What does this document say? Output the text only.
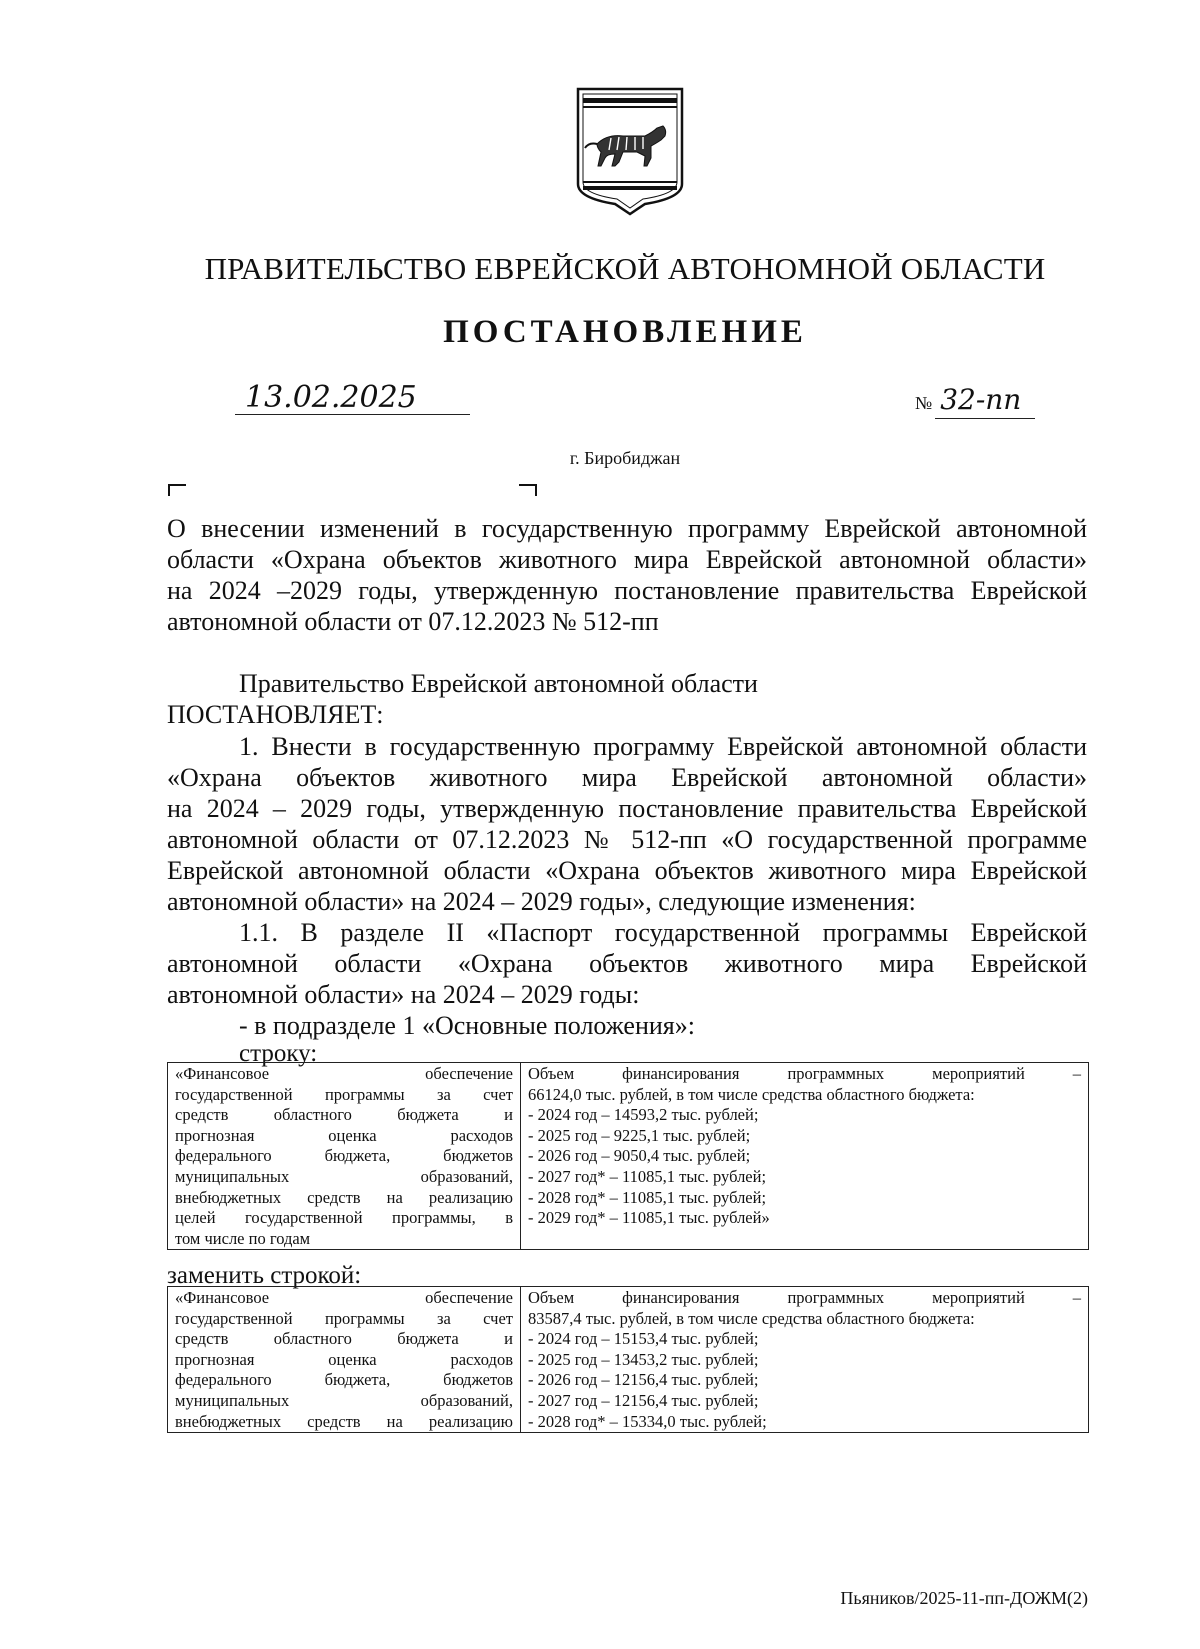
ПРАВИТЕЛЬСТВО ЕВРЕЙСКОЙ АВТОНОМНОЙ ОБЛАСТИ
ПОСТАНОВЛЕНИЕ
13.02.2025	№ 32-пп
г. Биробиджан
О внесении изменений в государственную программу Еврейской автономной
области «Охрана объектов животного мира Еврейской автономной области»
на 2024 –2029 годы, утвержденную постановление правительства Еврейской
автономной области от 07.12.2023 № 512-пп
Правительство Еврейской автономной области
ПОСТАНОВЛЯЕТ:
1. Внести в государственную программу Еврейской автономной области
«Охрана объектов животного мира Еврейской автономной области»
на 2024 – 2029 годы, утвержденную постановление правительства Еврейской
автономной области от 07.12.2023 № 512-пп «О государственной программе
Еврейской автономной области «Охрана объектов животного мира Еврейской
автономной области» на 2024 – 2029 годы», следующие изменения:
1.1. В разделе II «Паспорт государственной программы Еврейской
автономной области «Охрана объектов животного мира Еврейской
автономной области» на 2024 – 2029 годы:
- в подразделе 1 «Основные положения»:
строку:
«Финансовое обеспечение
государственной программы за счет
средств областного бюджета и
прогнозная оценка расходов
федерального бюджета, бюджетов
муниципальных образований,
внебюджетных средств на реализацию
целей государственной программы, в
том числе по годам

Объем финансирования программных мероприятий –
66124,0 тыс. рублей, в том числе средства областного бюджета:
- 2024 год – 14593,2 тыс. рублей;
- 2025 год – 9225,1 тыс. рублей;
- 2026 год – 9050,4 тыс. рублей;
- 2027 год* – 11085,1 тыс. рублей;
- 2028 год* – 11085,1 тыс. рублей;
- 2029 год* – 11085,1 тыс. рублей»
заменить строкой:
«Финансовое обеспечение
государственной программы за счет
средств областного бюджета и
прогнозная оценка расходов
федерального бюджета, бюджетов
муниципальных образований,
внебюджетных средств на реализацию

Объем финансирования программных мероприятий –
83587,4 тыс. рублей, в том числе средства областного бюджета:
- 2024 год – 15153,4 тыс. рублей;
- 2025 год – 13453,2 тыс. рублей;
- 2026 год – 12156,4 тыс. рублей;
- 2027 год – 12156,4 тыс. рублей;
- 2028 год* – 15334,0 тыс. рублей;
Пьяников/2025-11-пп-ДОЖМ(2)
